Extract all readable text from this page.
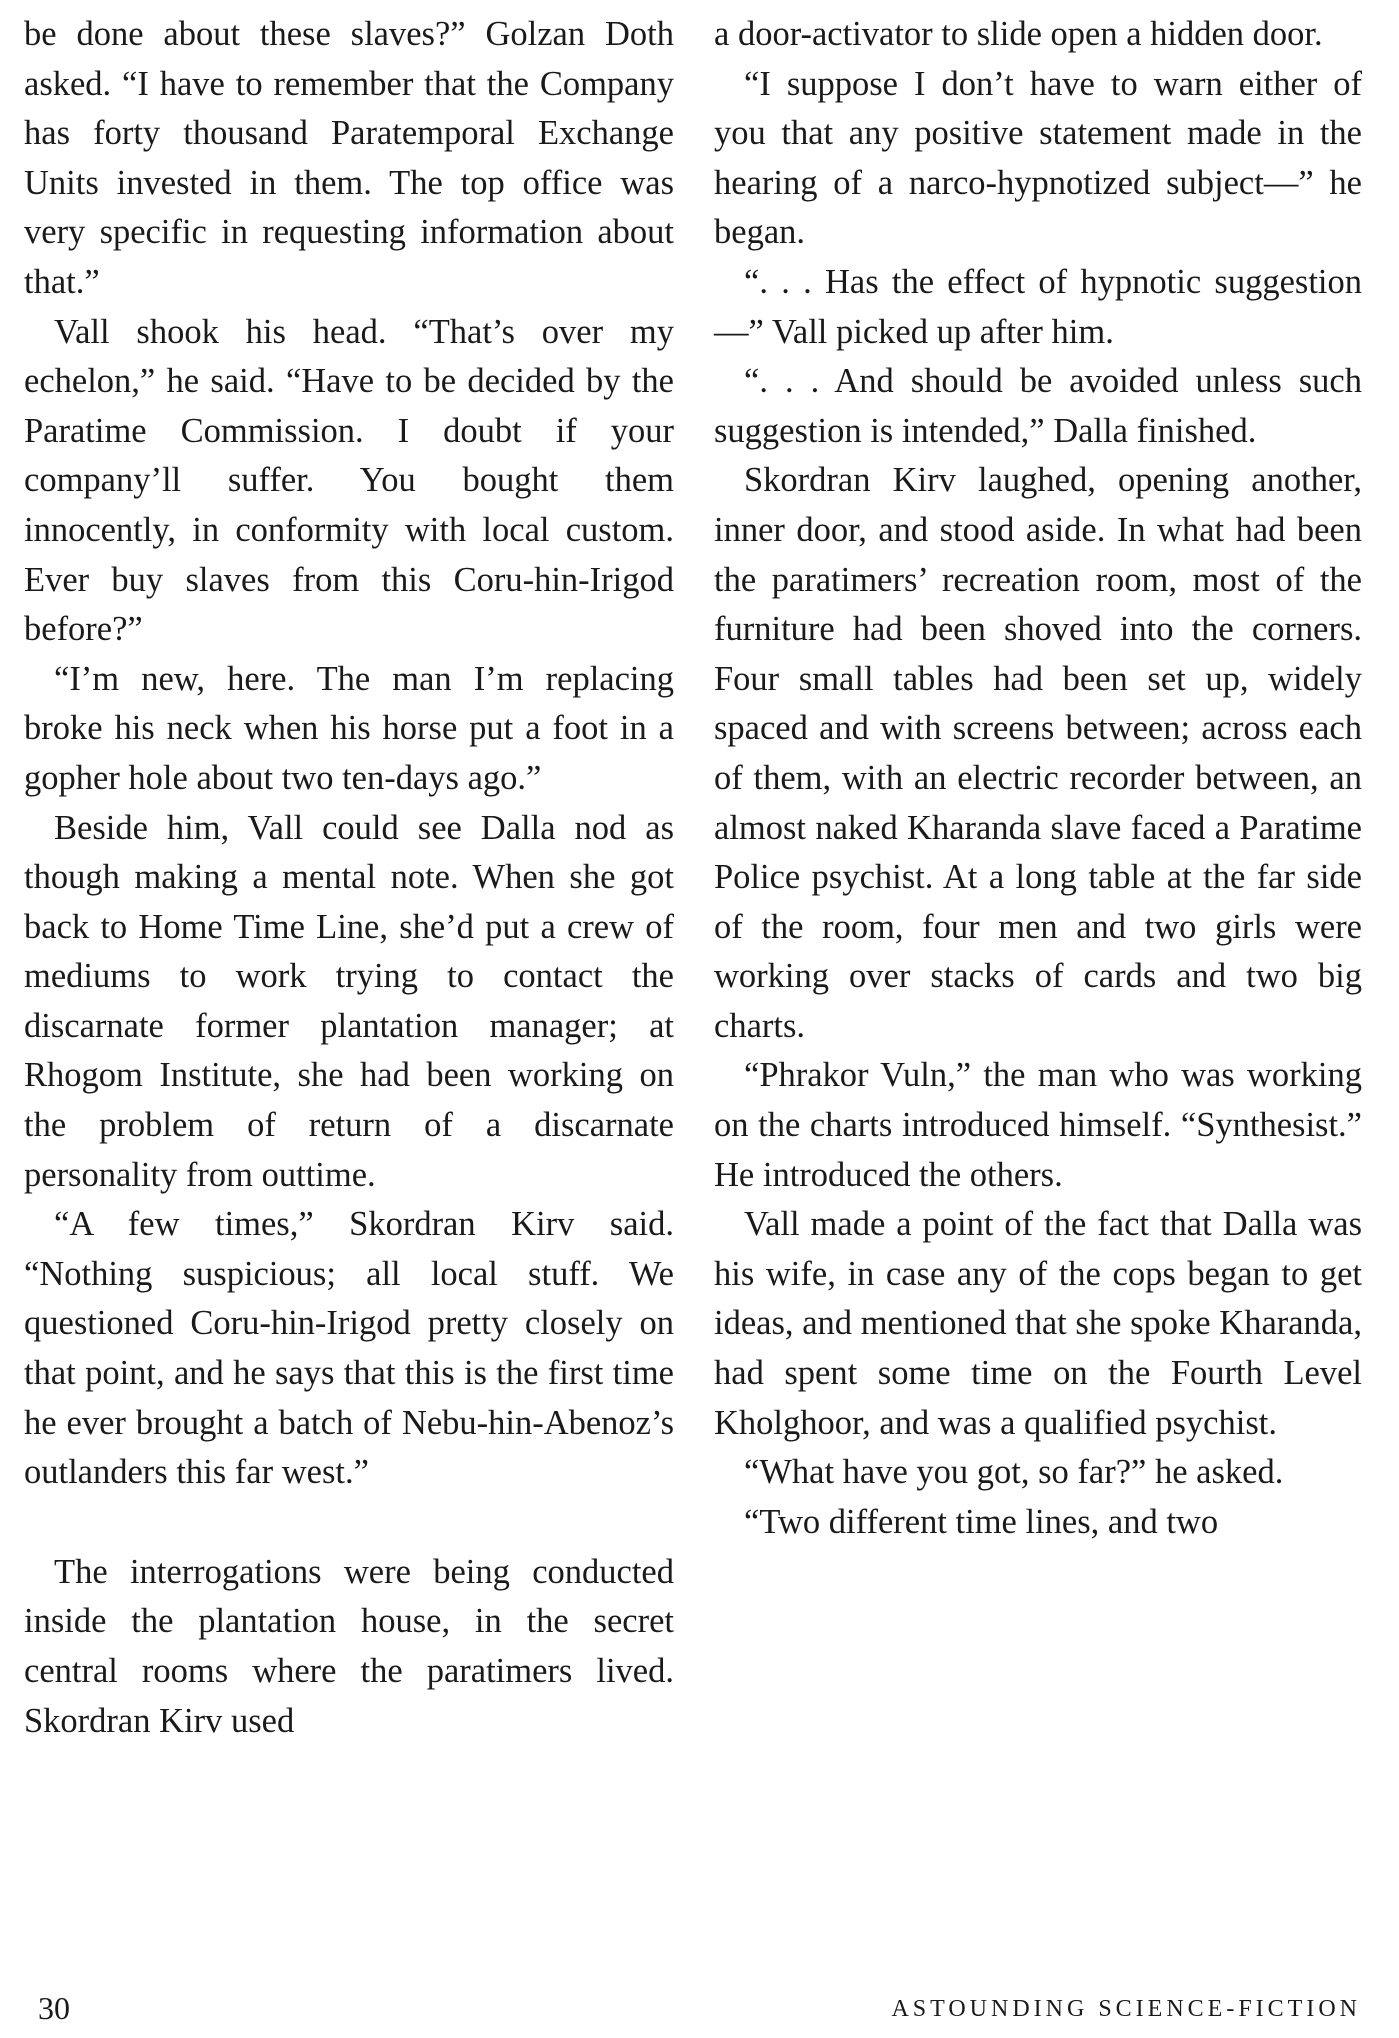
be done about these slaves?” Golzan Doth asked. “I have to remember that the Company has forty thousand Paratemporal Exchange Units invested in them. The top office was very specific in requesting information about that.”

Vall shook his head. “That’s over my echelon,” he said. “Have to be decided by the Paratime Commission. I doubt if your company’ll suffer. You bought them innocently, in conformity with local custom. Ever buy slaves from this Coru-hin-Irigod before?”

“I’m new, here. The man I’m replacing broke his neck when his horse put a foot in a gopher hole about two ten-days ago.”

Beside him, Vall could see Dalla nod as though making a mental note. When she got back to Home Time Line, she’d put a crew of mediums to work trying to contact the discarnate former plantation manager; at Rhogom Institute, she had been working on the problem of return of a discarnate personality from outtime.

“A few times,” Skordran Kirv said. “Nothing suspicious; all local stuff. We questioned Coru-hin-Irigod pretty closely on that point, and he says that this is the first time he ever brought a batch of Nebu-hin-Abenoz’s outlanders this far west.”

The interrogations were being conducted inside the plantation house, in the secret central rooms where the paratimers lived. Skordran Kirv used

a door-activator to slide open a hidden door.

“I suppose I don’t have to warn either of you that any positive statement made in the hearing of a narco-hypnotized subject—” he began.

“. . . Has the effect of hypnotic suggestion—” Vall picked up after him.

“. . . And should be avoided unless such suggestion is intended,” Dalla finished.

Skordran Kirv laughed, opening another, inner door, and stood aside. In what had been the paratimers’ recreation room, most of the furniture had been shoved into the corners. Four small tables had been set up, widely spaced and with screens between; across each of them, with an electric recorder between, an almost naked Kharanda slave faced a Paratime Police psychist. At a long table at the far side of the room, four men and two girls were working over stacks of cards and two big charts.

“Phrakor Vuln,” the man who was working on the charts introduced himself. “Synthesist.” He introduced the others.

Vall made a point of the fact that Dalla was his wife, in case any of the cops began to get ideas, and mentioned that she spoke Kharanda, had spent some time on the Fourth Level Kholghoor, and was a qualified psychist.

“What have you got, so far?” he asked.

“Two different time lines, and two

30	ASTOUNDING SCIENCE-FICTION
